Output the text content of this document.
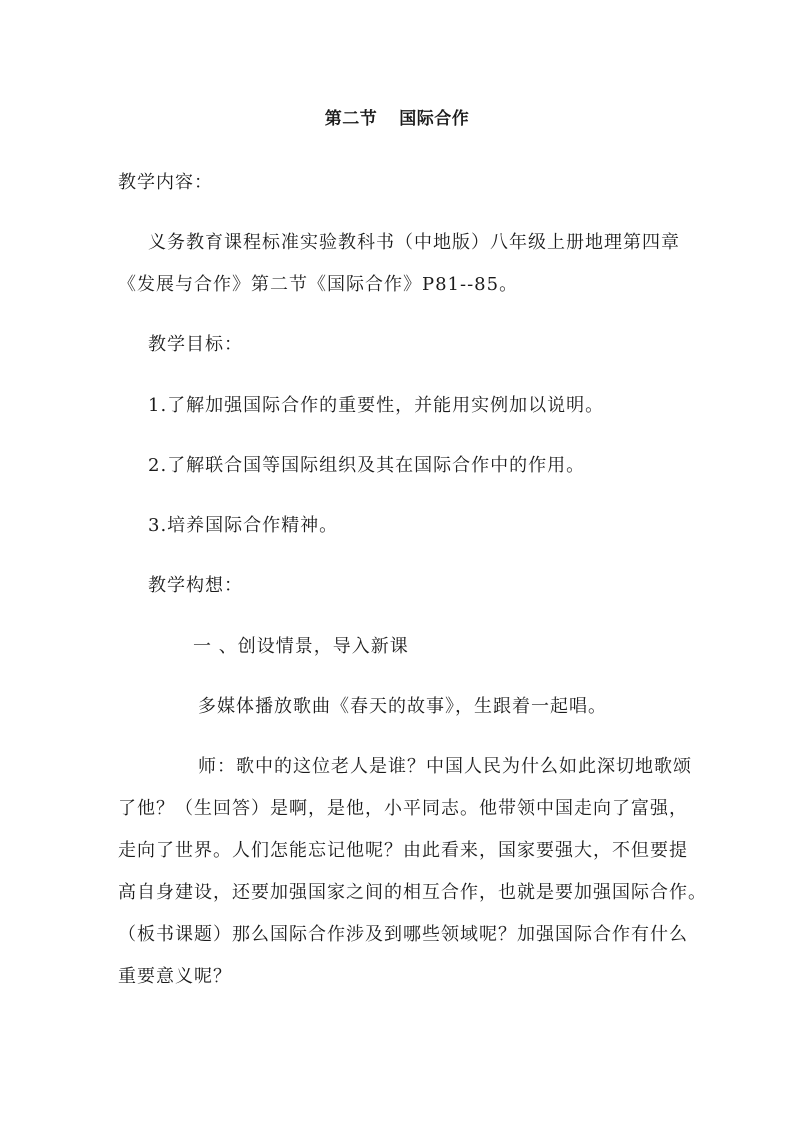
第二节 国际合作
教学内容：
义务教育课程标准实验教科书（中地版）八年级上册地理第四章
《发展与合作》第二节《国际合作》P81--85。
教学目标：
1.了解加强国际合作的重要性，并能用实例加以说明。
2.了解联合国等国际组织及其在国际合作中的作用。
3.培养国际合作精神。
教学构想：
一 、创设情景，导入新课
多媒体播放歌曲《春天的故事》，生跟着一起唱。
师：歌中的这位老人是谁？中国人民为什么如此深切地歌颂
了他？（生回答）是啊，是他，小平同志。他带领中国走向了富强，
走向了世界。人们怎能忘记他呢？由此看来，国家要强大，不但要提
高自身建设，还要加强国家之间的相互合作，也就是要加强国际合作。
（板书课题）那么国际合作涉及到哪些领域呢？加强国际合作有什么
重要意义呢？
